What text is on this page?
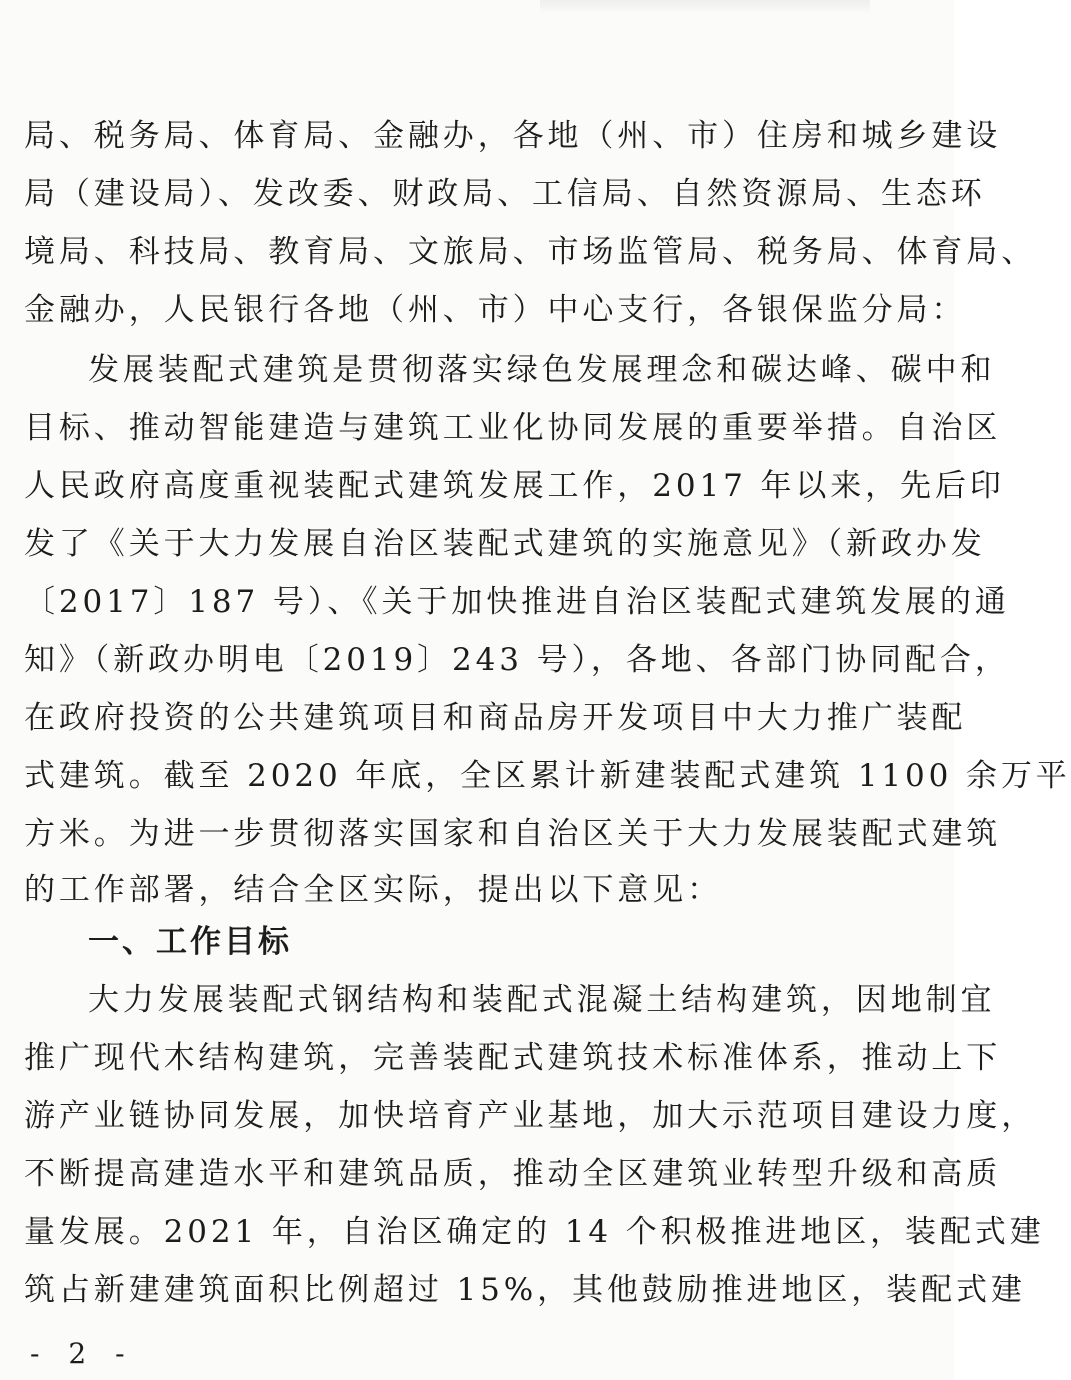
局、税务局、体育局、金融办，各地（州、市）住房和城乡建设
局（建设局）、发改委、财政局、工信局、自然资源局、生态环
境局、科技局、教育局、文旅局、市场监管局、税务局、体育局、
金融办，人民银行各地（州、市）中心支行，各银保监分局：
发展装配式建筑是贯彻落实绿色发展理念和碳达峰、碳中和
目标、推动智能建造与建筑工业化协同发展的重要举措。自治区
人民政府高度重视装配式建筑发展工作，2017 年以来，先后印
发了《关于大力发展自治区装配式建筑的实施意见》（新政办发
〔2017〕187 号）、《关于加快推进自治区装配式建筑发展的通
知》（新政办明电〔2019〕243 号），各地、各部门协同配合，
在政府投资的公共建筑项目和商品房开发项目中大力推广装配
式建筑。截至 2020 年底，全区累计新建装配式建筑 1100 余万平
方米。为进一步贯彻落实国家和自治区关于大力发展装配式建筑
的工作部署，结合全区实际，提出以下意见：
一、工作目标
大力发展装配式钢结构和装配式混凝土结构建筑，因地制宜
推广现代木结构建筑，完善装配式建筑技术标准体系，推动上下
游产业链协同发展，加快培育产业基地，加大示范项目建设力度，
不断提高建造水平和建筑品质，推动全区建筑业转型升级和高质
量发展。2021 年，自治区确定的 14 个积极推进地区，装配式建
筑占新建建筑面积比例超过 15%，其他鼓励推进地区，装配式建
- 2 -
